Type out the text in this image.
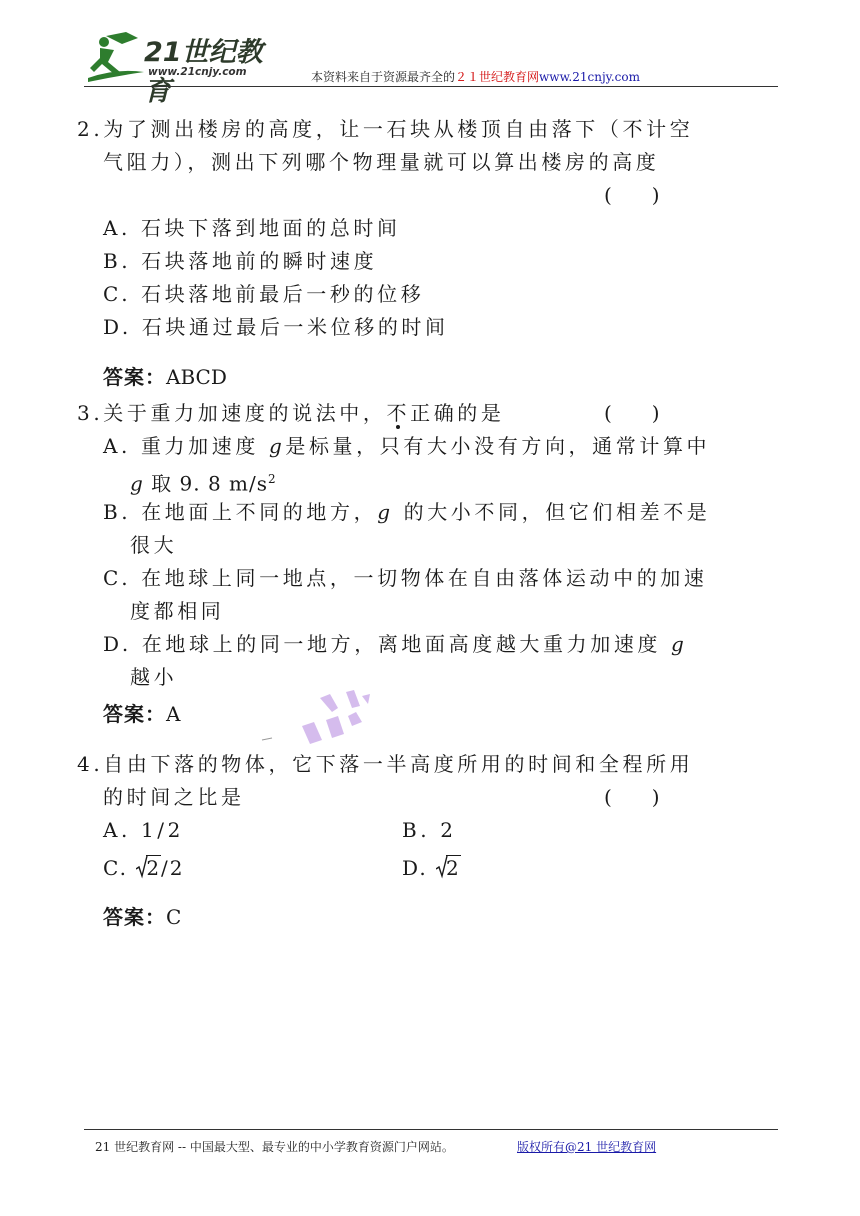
21世纪教育
www.21cnjy.com	本资料来自于资源最齐全的２１世纪教育网www.21cnjy.com
2.为了测出楼房的高度，让一石块从楼顶自由落下（不计空
气阻力），测出下列哪个物理量就可以算出楼房的高度
(　　)
A. 石块下落到地面的总时间
B. 石块落地前的瞬时速度
C. 石块落地前最后一秒的位移
D. 石块通过最后一米位移的时间
答案：ABCD
3.关于重力加速度的说法中，不正确的是	(　　)
A. 重力加速度 g是标量，只有大小没有方向，通常计算中
g 取 9. 8 $m/s^2$
B. 在地面上不同的地方，g 的大小不同，但它们相差不是
很大
C. 在地球上同一地点，一切物体在自由落体运动中的加速
度都相同
D. 在地球上的同一地方，离地面高度越大重力加速度 g
越小
答案：A
4.自由下落的物体，它下落一半高度所用的时间和全程所用
的时间之比是	(　　)
A. 1/2	B. 2
C. 2/2	D. 2
答案：C
21 世纪教育网 -- 中国最大型、最专业的中小学教育资源门户网站。	版权所有@21 世纪教育网
